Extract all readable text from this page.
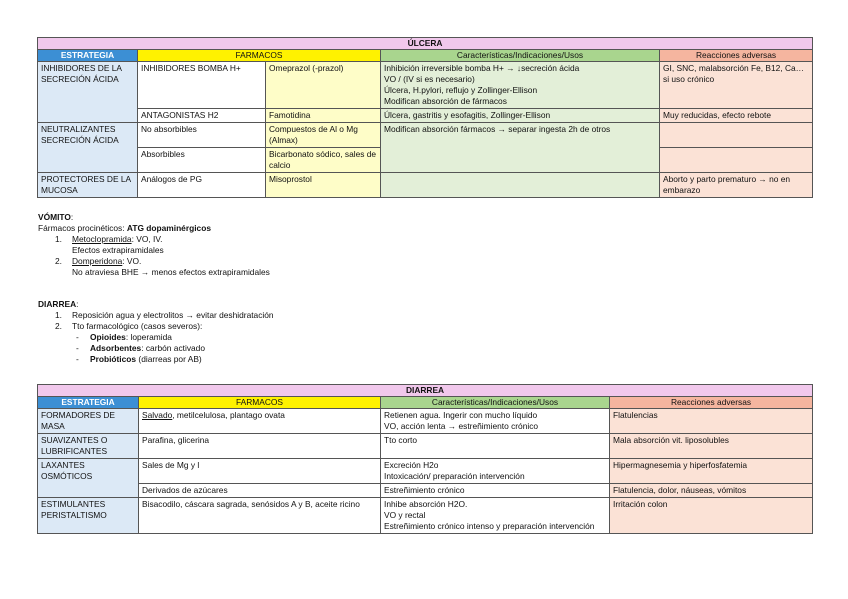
ÚLCERA				
ESTRATEGIA	FARMACOS		Características/Indicaciones/Usos	Reacciones adversas
INHIBIDORES DE LA SECRECIÓN ÁCIDA	INHIBIDORES BOMBA H+	Omeprazol (-prazol)	Inhibición irreversible bomba H+ → ↓secreción ácida
VO / (IV si es necesario)
Úlcera, H.pylori, reflujo y Zollinger-Ellison
Modifican absorción de fármacos	GI, SNC, malabsorción Fe, B12, Ca… si uso crónico
	ANTAGONISTAS H2	Famotidina	Úlcera, gastritis y esofagitis, Zollinger-Ellison	Muy reducidas, efecto rebote
NEUTRALIZANTES SECRECIÓN ÁCIDA	No absorbibles	Compuestos de Al o Mg (Almax)	Modifican absorción fármacos → separar ingesta 2h de otros	
	Absorbibles	Bicarbonato sódico, sales de calcio		
PROTECTORES DE LA MUCOSA	Análogos de PG	Misoprostol		Aborto y parto prematuro → no en embarazo
VÓMITO:
Fármacos procinéticos: ATG dopaminérgicos
1. Metoclopramida: VO, IV.
Efectos extrapiramidales
2. Domperidona: VO.
No atraviesa BHE → menos efectos extrapiramidales
DIARREA:
1. Reposición agua y electrolitos → evitar deshidratación
2. Tto farmacológico (casos severos):
- Opioides: loperamida
- Adsorbentes: carbón activado
- Probióticos (diarreas por AB)
DIARREA			
ESTRATEGIA	FARMACOS	Características/Indicaciones/Usos	Reacciones adversas
FORMADORES DE MASA	Salvado, metilcelulosa, plantago ovata	Retienen agua. Ingerir con mucho líquido
VO, acción lenta → estreñimiento crónico	Flatulencias
SUAVIZANTES O LUBRIFICANTES	Parafina, glicerina	Tto corto	Mala absorción vit. liposolubles
LAXANTES OSMÓTICOS	Sales de Mg y l	Excreción H2o
Intoxicación/ preparación intervención	Hipermagnesemia y hiperfosfatemia
	Derivados de azúcares	Estreñimiento crónico	Flatulencia, dolor, náuseas, vómitos
ESTIMULANTES PERISTALTISMO	Bisacodilo, cáscara sagrada, senósidos A y B, aceite ricino	Inhibe absorción H2O.
VO y rectal
Estreñimiento crónico intenso y preparación intervención	Irritación colon
